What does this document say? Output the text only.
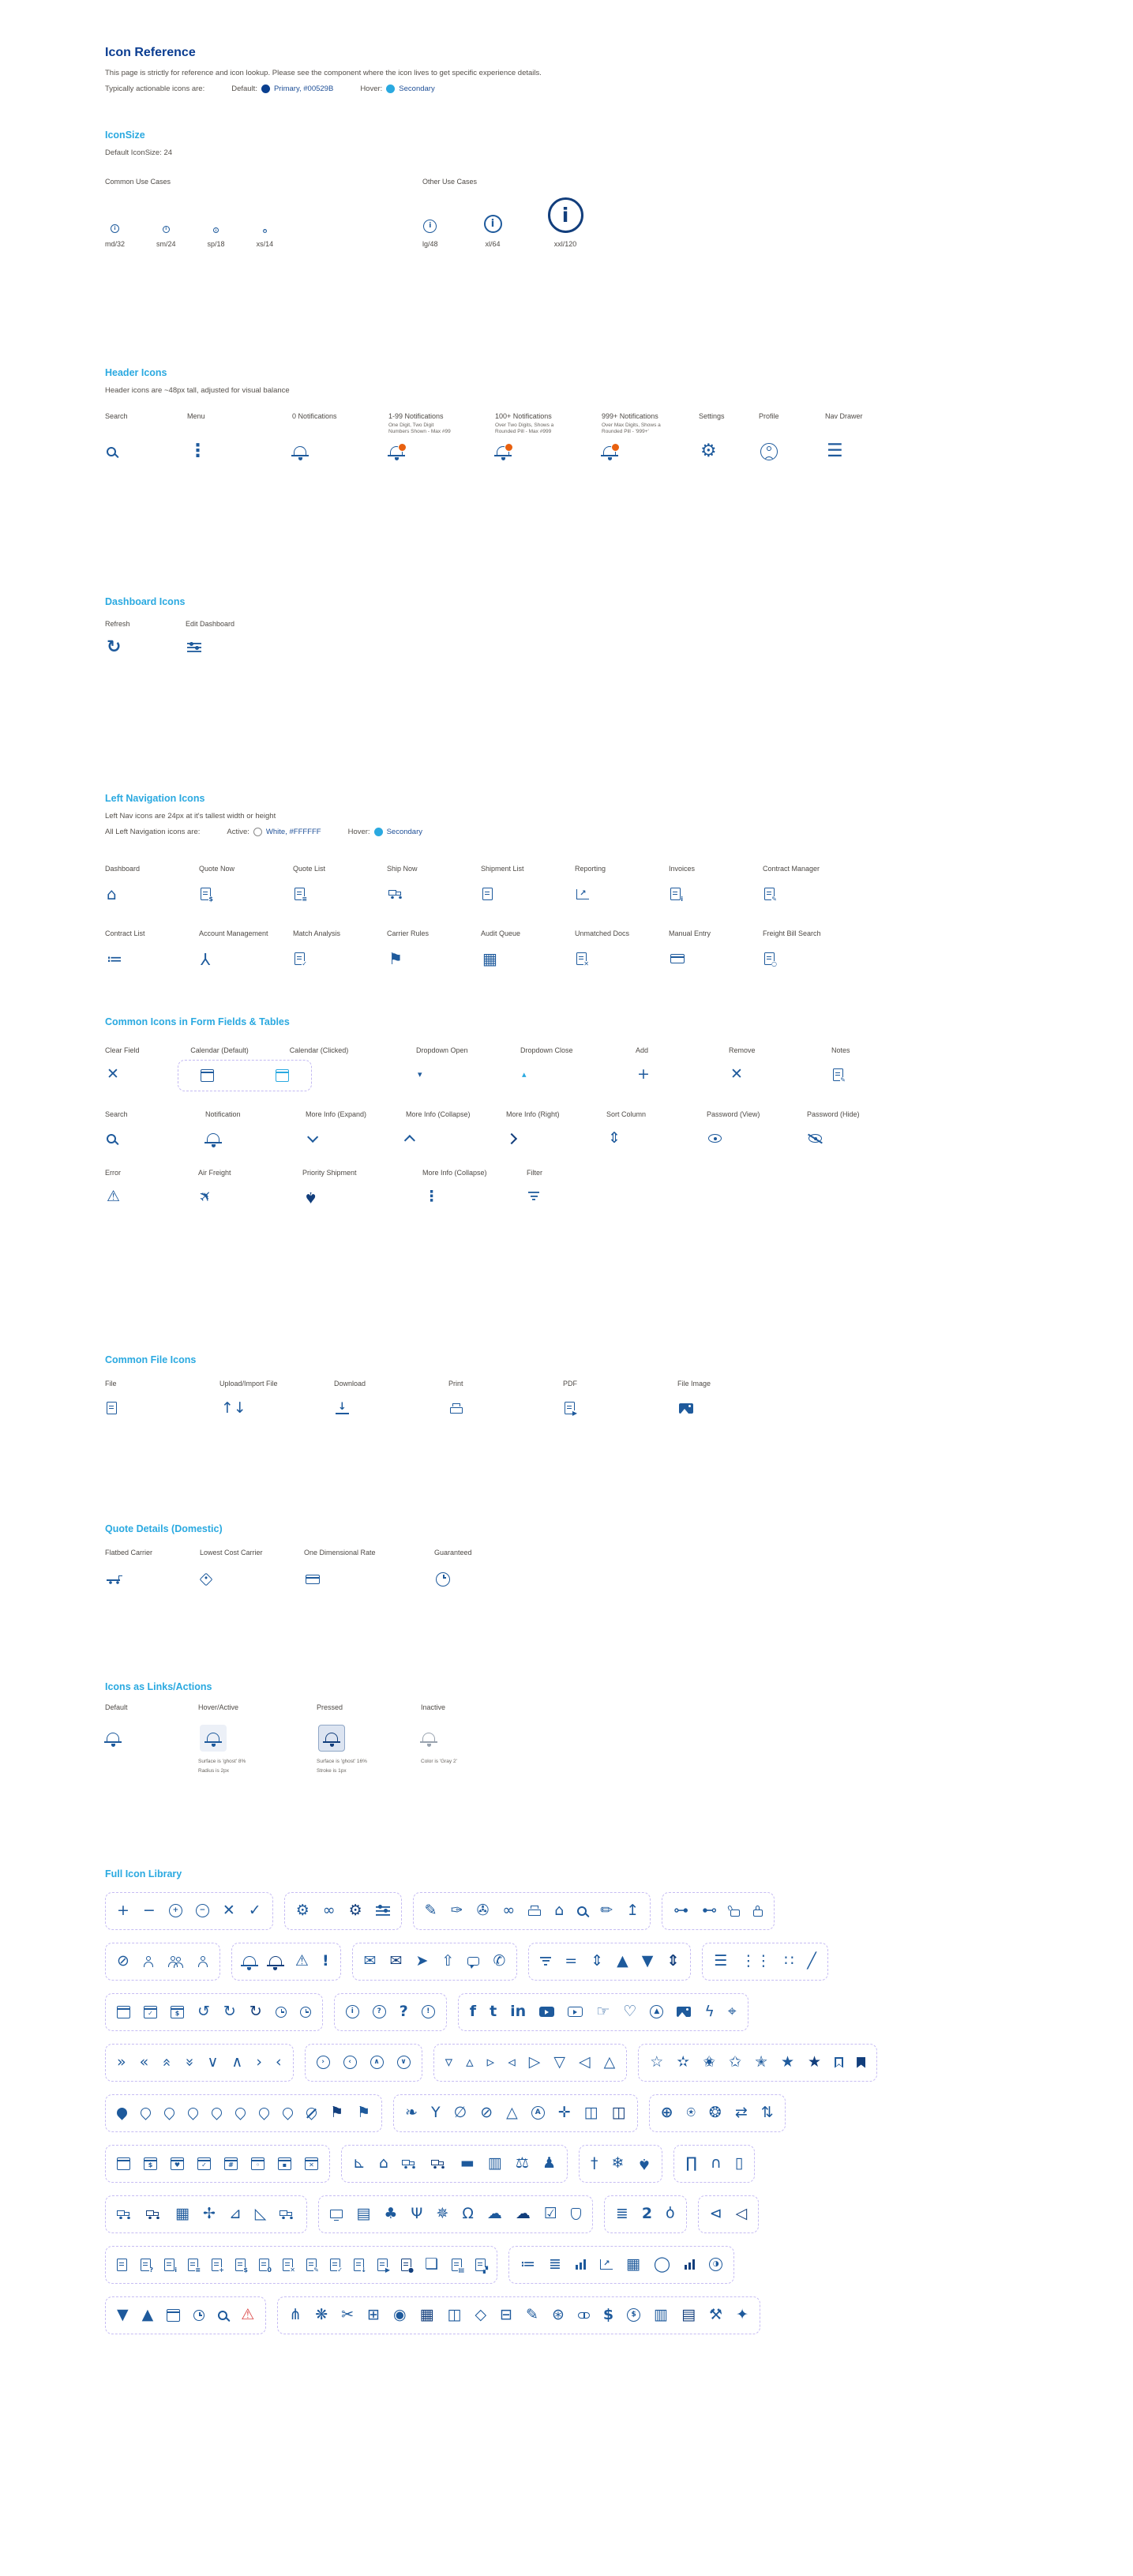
Icon Reference
This page is strictly for reference and icon lookup. Please see the component where the icon lives to get specific experience details.
Typically actionable icons are:	Default: Primary, #00529B	Hover: Secondary
IconSize
Default IconSize: 24
Common Use Cases
i
md/32
i
sm/24
i
sp/18
i
xs/14
Other Use Cases
i
lg/48
i
xl/64
i
xxl/120
Header Icons
Header icons are ~48px tall, adjusted for visual balance
Search	Menu
⋮
0 Notifications	1-99 Notifications
One Digit, Two Digit
Numbers Shown - Max #99
100+ Notifications
Over Two Digits, Shows a
Rounded Pill - Max #999
999+ Notifications
Over Max Digits, Shows a
Rounded Pill - '999+'
Settings
⚙
Profile	Nav Drawer
☰
Dashboard Icons
Refresh
↻
Edit Dashboard
Left Navigation Icons
Left Nav icons are 24px at it's tallest width or height
All Left Navigation icons are:	Active: White, #FFFFFF	Hover: Secondary
Dashboard
⌂
Quote Now
$	Quote List
≡	Ship Now	Shipment List	Reporting
↗	Invoices
i	Contract Manager
✎
Contract List
≔
Account Management
Y
Match Analysis
✓	Carrier Rules
⚑
Audit Queue
▦
Unmatched Docs
✕	Manual Entry	Freight Bill Search
○
Common Icons in Form Fields & Tables
Clear Field
✕
Calendar (Default)	Calendar (Clicked)	Dropdown Open
▾
Dropdown Close
▴
Add
+
Remove
✕
Notes
✎
Search	Notification	More Info (Expand)	More Info (Collapse)	More Info (Right)	Sort Column
⇕
Password (View)	Password (Hide)
Error
⚠
Air Freight
✈
Priority Shipment
♠
More Info (Collapse)
⋮
Filter
Common File Icons
File	Upload/Import File
↑↓
Download
↓
Print	PDF
▶	File Image
Quote Details (Domestic)
Flatbed Carrier	Lowest Cost Carrier	One Dimensional Rate	Guaranteed
Icons as Links/Actions
Default	Hover/Active
Surface is 'ghost' 8%
Radius is 2px
Pressed
Surface is 'ghost' 16%
Stroke is 1px
Inactive
Color is 'Gray 2'
Full Icon Library
+ −	+	− ✕ ✓ ⚙ ∞ ⚙	✎ ✑ ✇ ∞	⌂ ✏ ↥ ⊶ ⊷
⊘	⚠ ! ✉ ✉ ➤ ⇧	✆	= ⇕ ▲ ▼ ⇕ ☰ ⋮⋮ ∷ ╱
✓
$
↺ ↻ ↻	i	?	?	!	f t in	☞ ♡	▲	ϟ ⌖
» « » » ∨ ∧ › ‹	›	‹	∧	∨	▿ ▵ ▹ ◃ ▷ ▽ ◁ △ ☆ ✫ ✬ ✩ ✭ ★ ★
⚑ ⚑ ❧ Y ∅ ⊘ △	A ✛ ◫ ◫ ⊕ ⍟ ❂ ⇄ ⇅
$
♥
✓
#
◦
▪
✕
⊾ ⌂	▬ ▥ ⚖ ♟ † ❄ ♠ ∏ ∩ ▯
▦ ✢ ⊿ ◺	▤ ♣ Ψ ✵ Ω ☁ ☁ ☑	≣ 2 ϙ ⊲ ◁
?
i
≡
+
$
0
✕
✎
✓
↓
▶
●
❏ ▤ ▞	≔ ≣ ↗	▦ ◯	◑
▼ ▲	⚠ ⋔ ❋ ✂ ⊞ ◉ ▦ ◫ ◇ ⊟ ✎ ⊛	$	$ ▥ ▤ ⚒ ✦
